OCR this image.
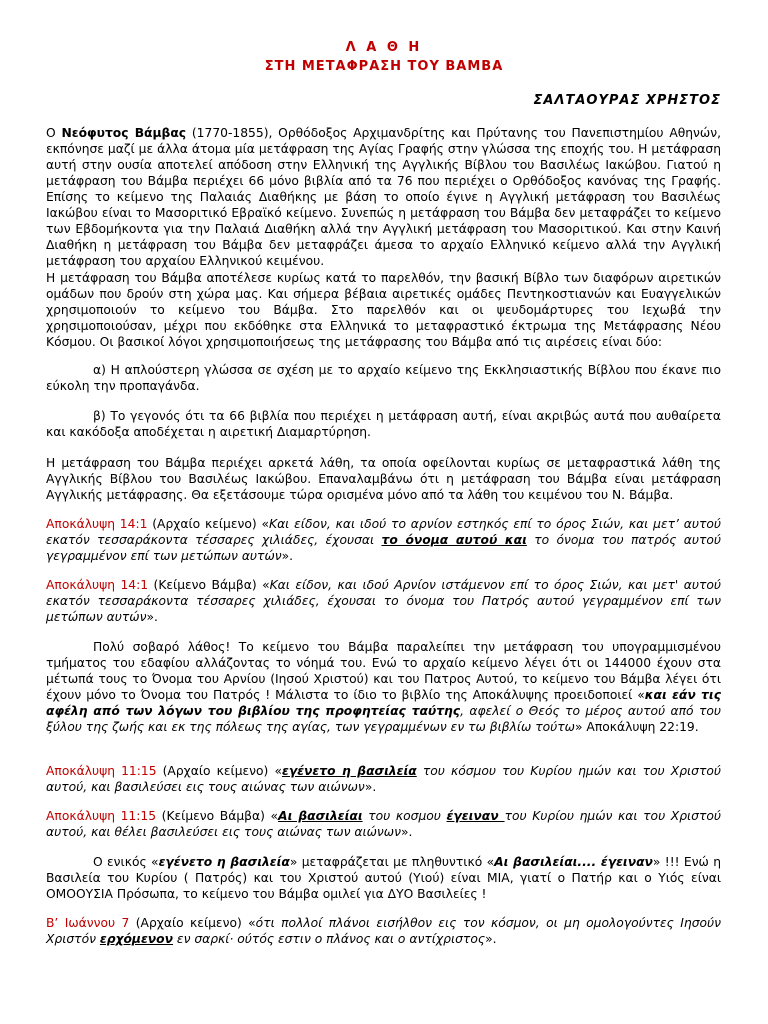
Λ Α Θ Η
ΣΤΗ ΜΕΤΑΦΡΑΣΗ ΤΟΥ ΒΑΜΒΑ
ΣΑΛΤΑΟΥΡΑΣ ΧΡΗΣΤΟΣ
Ο Νεόφυτος Βάμβας (1770-1855), Ορθόδοξος Αρχιμανδρίτης και Πρύτανης του Πανεπιστημίου Αθηνών, εκπόνησε μαζί με άλλα άτομα μία μετάφραση της Αγίας Γραφής στην γλώσσα της εποχής του. Η μετάφραση αυτή στην ουσία αποτελεί απόδοση στην Ελληνική της Αγγλικής Βίβλου του Βασιλέως Ιακώβου. Γιατού η μετάφραση του Βάμβα περιέχει 66 μόνο βιβλία από τα 76 που περιέχει ο Ορθόδοξος κανόνας της Γραφής. Επίσης το κείμενο της Παλαιάς Διαθήκης με βάση το οποίο έγινε η Αγγλική μετάφραση του Βασιλέως Ιακώβου είναι το Μασοριτικό Εβραϊκό κείμενο. Συνεπώς η μετάφραση του Βάμβα δεν μεταφράζει το κείμενο των Εβδομήκοντα για την Παλαιά Διαθήκη αλλά την Αγγλική μετάφραση του Μασοριτικού. Και στην Καινή Διαθήκη η μετάφραση του Βάμβα δεν μεταφράζει άμεσα το αρχαίο Ελληνικό κείμενο αλλά την Αγγλική μετάφραση του αρχαίου Ελληνικού κειμένου.
Η μετάφραση του Βάμβα αποτέλεσε κυρίως κατά το παρελθόν, την βασική Βίβλο των διαφόρων αιρετικών ομάδων που δρούν στη χώρα μας. Και σήμερα βέβαια αιρετικές ομάδες Πεντηκοστιανών και Ευαγγελικών χρησιμοποιούν το κείμενο του Βάμβα. Στο παρελθόν και οι ψευδομάρτυρες του Ιεχωβά την χρησιμοποιούσαν, μέχρι που εκδόθηκε στα Ελληνικά το μεταφραστικό έκτρωμα της Μετάφρασης Νέου Κόσμου. Οι βασικοί λόγοι χρησιμοποιήσεως της μετάφρασης του Βάμβα από τις αιρέσεις είναι δύο:
α) Η απλούστερη γλώσσα σε σχέση με το αρχαίο κείμενο της Εκκλησιαστικής Βίβλου που έκανε πιο εύκολη την προπαγάνδα.
β) Το γεγονός ότι τα 66 βιβλία που περιέχει η μετάφραση αυτή, είναι ακριβώς αυτά που αυθαίρετα και κακόδοξα αποδέχεται η αιρετική Διαμαρτύρηση.
Η μετάφραση του Βάμβα περιέχει αρκετά λάθη, τα οποία οφείλονται κυρίως σε μεταφραστικά λάθη της Αγγλικής Βίβλου του Βασιλέως Ιακώβου. Επαναλαμβάνω ότι η μετάφραση του Βάμβα είναι μετάφραση Αγγλικής μετάφρασης. Θα εξετάσουμε τώρα ορισμένα μόνο από τα λάθη του κειμένου του Ν. Βάμβα.
Αποκάλυψη 14:1 (Αρχαίο κείμενο) «Και είδον, και ιδού το αρνίον εστηκός επί το όρος Σιών, και μετ’ αυτού εκατόν τεσσαράκοντα τέσσαρες χιλιάδες, έχουσαι το όνομα αυτού και το όνομα του πατρός αυτού γεγραμμένον επί των μετώπων αυτών».
Αποκάλυψη 14:1 (Κείμενο Βάμβα) «Και είδον, και ιδού Αρνίον ιστάμενον επί το όρος Σιών, και μετ' αυτού εκατόν τεσσαράκοντα τέσσαρες χιλιάδες, έχουσαι το όνομα του Πατρός αυτού γεγραμμένον επί των μετώπων αυτών».
Πολύ σοβαρό λάθος! Το κείμενο του Βάμβα παραλείπει την μετάφραση του υπογραμμισμένου τμήματος του εδαφίου αλλάζοντας το νόημά του. Ενώ το αρχαίο κείμενο λέγει ότι οι 144000 έχουν στα μέτωπά τους το Όνομα του Αρνίου (Ιησού Χριστού) και του Πατρος Αυτού, το κείμενο του Βάμβα λέγει ότι έχουν μόνο το Όνομα του Πατρός ! Μάλιστα το ίδιο το βιβλίο της Αποκάλυψης προειδοποιεί «και εάν τις αφέλη από των λόγων του βιβλίου της προφητείας ταύτης, αφελεί ο Θεός το μέρος αυτού από του ξύλου της ζωής και εκ της πόλεως της αγίας, των γεγραμμένων εν τω βιβλίω τούτω» Αποκάλυψη 22:19.
Αποκάλυψη 11:15 (Αρχαίο κείμενο) «εγένετο η βασιλεία του κόσμου του Κυρίου ημών και του Χριστού αυτού, και βασιλεύσει εις τους αιώνας των αιώνων».
Αποκάλυψη 11:15 (Κείμενο Βάμβα) «Αι βασιλείαι του κοσμου έγειναν του Κυρίου ημών και του Χριστού αυτού, και θέλει βασιλεύσει εις τους αιώνας των αιώνων».
Ο ενικός «εγένετο η βασιλεία» μεταφράζεται με πληθυντικό «Αι βασιλείαι.... έγειναν» !!! Ενώ η Βασιλεία του Κυρίου ( Πατρός) και του Χριστού αυτού (Υιού) είναι ΜΙΑ, γιατί ο Πατήρ και ο Υιός είναι ΟΜΟΟΥΣΙΑ Πρόσωπα, το κείμενο του Βάμβα ομιλεί για ΔΥΟ Βασιλείες !
Β’ Ιωάννου 7 (Αρχαίο κείμενο) «ότι πολλοί πλάνοι εισήλθον εις τον κόσμον, οι μη ομολογούντες Ιησούν Χριστόν ερχόμενον εν σαρκί· ούτός εστιν ο πλάνος και ο αντίχριστος».
